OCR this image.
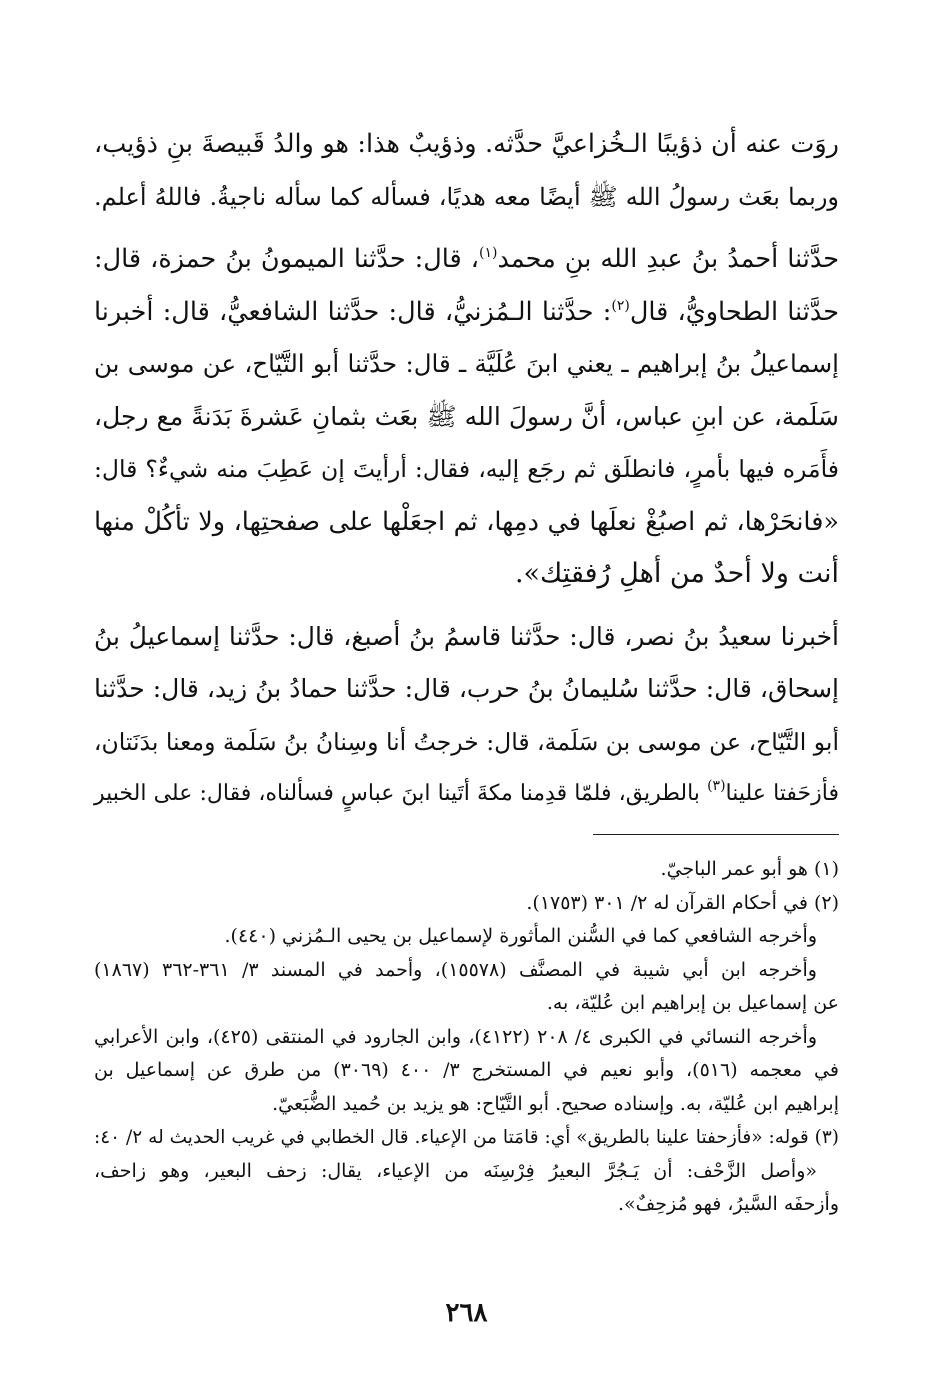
روَت عنه أن ذؤيبًا الـخُزاعيَّ حدَّثه. وذؤيبٌ هذا: هو والدُ قَبيصةَ بنِ ذؤيب،
وربما بعَث رسولُ الله ﷺ أيضًا معه هديًا، فسأله كما سأله ناجيةُ. فاللهُ أعلم.
حدَّثنا أحمدُ بنُ عبدِ الله بنِ محمد$^{(١)}$، قال: حدَّثنا الميمونُ بنُ حمزة، قال:
حدَّثنا الطحاويُّ، قال$^{(٢)}$: حدَّثنا الـمُزنيُّ، قال: حدَّثنا الشافعيُّ، قال: أخبرنا
إسماعيلُ بنُ إبراهيم ـ يعني ابنَ عُلَيَّة ـ قال: حدَّثنا أبو التَّيّاح، عن موسى بن
سَلَمة، عن ابنِ عباس، أنَّ رسولَ الله ﷺ بعَث بثمانِ عَشرةَ بَدَنةً مع رجل،
فأَمَره فيها بأمرٍ، فانطلَق ثم رجَع إليه، فقال: أرأيتَ إن عَطِبَ منه شيءٌ؟ قال:
«فانحَرْها، ثم اصبُغْ نعلَها في دمِها، ثم اجعَلْها على صفحتِها، ولا تأكُلْ منها
أنت ولا أحدٌ من أهلِ رُفقتِك».
أخبرنا سعيدُ بنُ نصر، قال: حدَّثنا قاسمُ بنُ أصبغ، قال: حدَّثنا إسماعيلُ بنُ
إسحاق، قال: حدَّثنا سُليمانُ بنُ حرب، قال: حدَّثنا حمادُ بنُ زيد، قال: حدَّثنا
أبو التَّيّاح، عن موسى بن سَلَمة، قال: خرجتُ أنا وسِنانُ بنُ سَلَمة ومعنا بدَنَتان،
فأزحَفتا علينا$^{(٣)}$ بالطريق، فلمّا قدِمنا مكةَ أتَينا ابنَ عباسٍ فسألناه، فقال: على الخبير
(١) هو أبو عمر الباجيّ.
(٢) في أحكام القرآن له ٢/ ٣٠١ (١٧٥٣).
وأخرجه الشافعي كما في السُّنن المأثورة لإسماعيل بن يحيى الـمُزني (٤٤٠).
وأخرجه ابن أبي شيبة في المصنَّف (١٥٥٧٨)، وأحمد في المسند ٣/ ٣٦١-٣٦٢ (١٨٦٧)
عن إسماعيل بن إبراهيم ابن عُليّة، به.
وأخرجه النسائي في الكبرى ٤/ ٢٠٨ (٤١٢٢)، وابن الجارود في المنتقى (٤٢٥)، وابن الأعرابي
في معجمه (٥١٦)، وأبو نعيم في المستخرج ٣/ ٤٠٠ (٣٠٦٩) من طرق عن إسماعيل بن
إبراهيم ابن عُليّة، به. وإسناده صحيح. أبو التَّيّاح: هو يزيد بن حُميد الضُّبَعيّ.
(٣) قوله: «فأزحفتا علينا بالطريق» أي: قامَتا من الإعياء. قال الخطابي في غريب الحديث له ٢/ ٤٠:
«وأصل الزَّحْف: أن يَـجُرَّ البعيرُ فِرْسِنَه من الإعياء، يقال: زحف البعير، وهو زاحف،
وأزحفَه السَّيرُ، فهو مُزحِفٌ».
٢٦٨
